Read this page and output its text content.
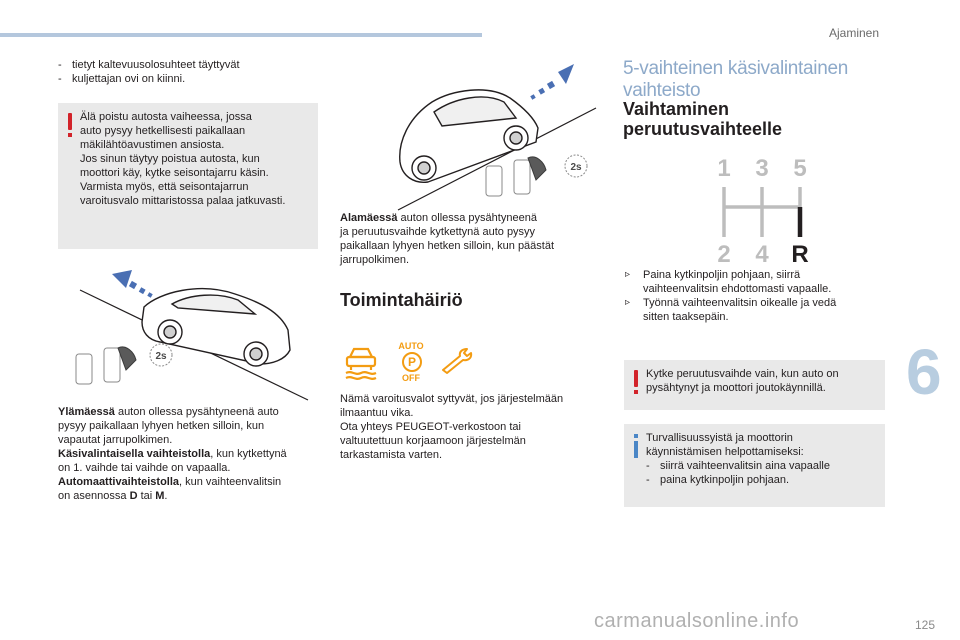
Ajaminen
6
- tietyt kaltevuusolosuhteet täyttyvät
- kuljettajan ovi on kiinni.
Älä poistu autosta vaiheessa, jossa
auto pysyy hetkellisesti paikallaan
mäkilähtöavustimen ansiosta.
Jos sinun täytyy poistua autosta, kun
moottori käy, kytke seisontajarru käsin.
Varmista myös, että seisontajarrun
varoitusvalo mittaristossa palaa jatkuvasti.
2s
Ylämäessä auton ollessa pysähtyneenä auto
pysyy paikallaan lyhyen hetken silloin, kun
vapautat jarrupolkimen.
Käsivalintaisella vaihteistolla, kun kytkettynä
on 1. vaihde tai vaihde on vapaalla.
Automaattivaihteistolla, kun vaihteenvalitsin
on asennossa D tai M.
2s
Alamäessä auton ollessa pysähtyneenä
ja peruutusvaihde kytkettynä auto pysyy
paikallaan lyhyen hetken silloin, kun päästät
jarrupolkimen.
Toimintahäiriö
AUTO
P
OFF
Nämä varoitusvalot syttyvät, jos järjestelmään
ilmaantuu vika.
Ota yhteys PEUGEOT-verkostoon tai
valtuutettuun korjaamoon järjestelmän
tarkastamista varten.
5-vaihteinen käsivalintainen vaihteisto
Vaihtaminen
peruutusvaihteelle
1 3 5
2 4 R
▹ Paina kytkinpoljin pohjaan, siirrä
vaihteenvalitsin ehdottomasti vapaalle.
▹ Työnnä vaihteenvalitsin oikealle ja vedä
sitten taaksepäin.
Kytke peruutusvaihde vain, kun auto on
pysähtynyt ja moottori joutokäynnillä.
Turvallisuussyistä ja moottorin
käynnistämisen helpottamiseksi:
- siirrä vaihteenvalitsin aina vapaalle
- paina kytkinpoljin pohjaan.
carmanualsonline.info	125
